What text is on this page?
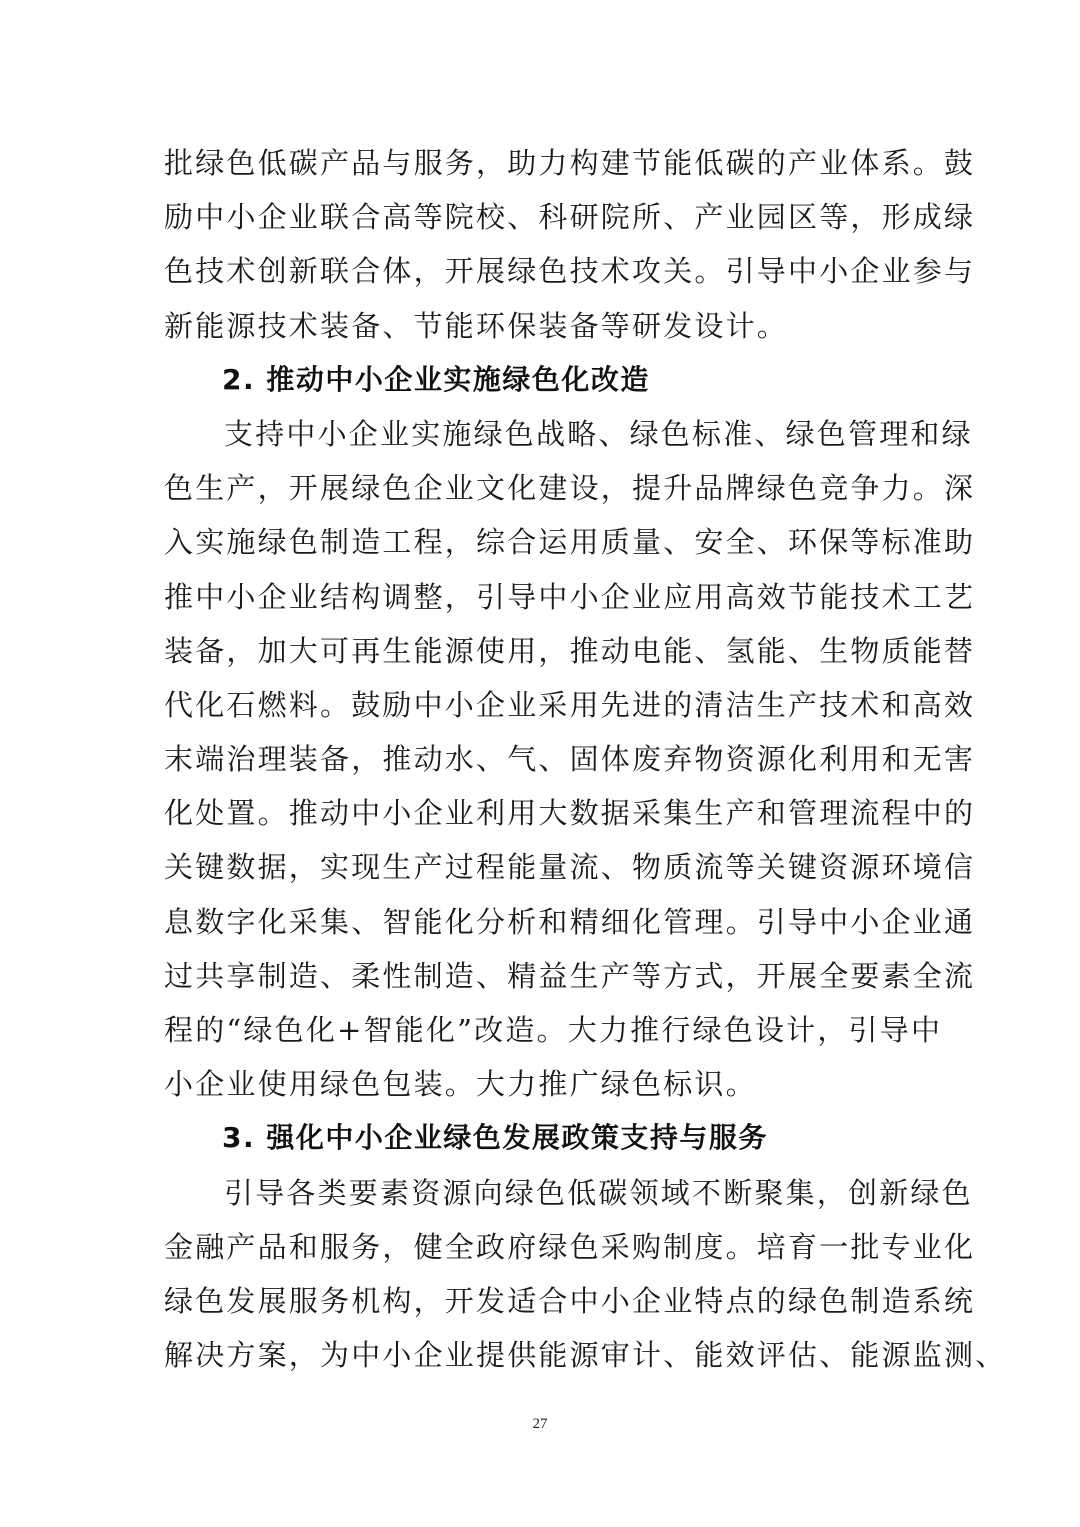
批绿色低碳产品与服务，助力构建节能低碳的产业体系。鼓
励中小企业联合高等院校、科研院所、产业园区等，形成绿
色技术创新联合体，开展绿色技术攻关。引导中小企业参与
新能源技术装备、节能环保装备等研发设计。
2. 推动中小企业实施绿色化改造
支持中小企业实施绿色战略、绿色标准、绿色管理和绿
色生产，开展绿色企业文化建设，提升品牌绿色竞争力。深
入实施绿色制造工程，综合运用质量、安全、环保等标准助
推中小企业结构调整，引导中小企业应用高效节能技术工艺
装备，加大可再生能源使用，推动电能、氢能、生物质能替
代化石燃料。鼓励中小企业采用先进的清洁生产技术和高效
末端治理装备，推动水、气、固体废弃物资源化利用和无害
化处置。推动中小企业利用大数据采集生产和管理流程中的
关键数据，实现生产过程能量流、物质流等关键资源环境信
息数字化采集、智能化分析和精细化管理。引导中小企业通
过共享制造、柔性制造、精益生产等方式，开展全要素全流
程的“绿色化+智能化”改造。大力推行绿色设计，引导中
小企业使用绿色包装。大力推广绿色标识。
3. 强化中小企业绿色发展政策支持与服务
引导各类要素资源向绿色低碳领域不断聚集，创新绿色
金融产品和服务，健全政府绿色采购制度。培育一批专业化
绿色发展服务机构，开发适合中小企业特点的绿色制造系统
解决方案，为中小企业提供能源审计、能效评估、能源监测、
27
